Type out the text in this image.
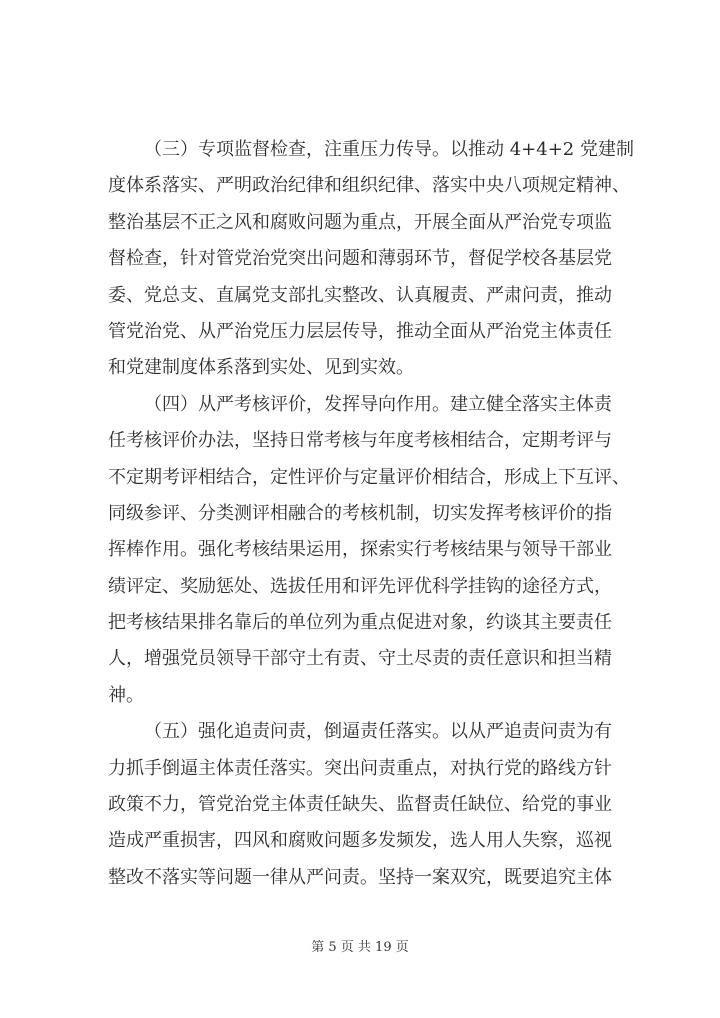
（三）专项监督检查，注重压力传导。以推动 4+4+2 党建制
度体系落实、严明政治纪律和组织纪律、落实中央八项规定精神、
整治基层不正之风和腐败问题为重点，开展全面从严治党专项监
督检查，针对管党治党突出问题和薄弱环节，督促学校各基层党
委、党总支、直属党支部扎实整改、认真履责、严肃问责，推动
管党治党、从严治党压力层层传导，推动全面从严治党主体责任
和党建制度体系落到实处、见到实效。
（四）从严考核评价，发挥导向作用。建立健全落实主体责
任考核评价办法，坚持日常考核与年度考核相结合，定期考评与
不定期考评相结合，定性评价与定量评价相结合，形成上下互评、
同级参评、分类测评相融合的考核机制，切实发挥考核评价的指
挥棒作用。强化考核结果运用，探索实行考核结果与领导干部业
绩评定、奖励惩处、选拔任用和评先评优科学挂钩的途径方式，
把考核结果排名靠后的单位列为重点促进对象，约谈其主要责任
人，增强党员领导干部守土有责、守土尽责的责任意识和担当精
神。
（五）强化追责问责，倒逼责任落实。以从严追责问责为有
力抓手倒逼主体责任落实。突出问责重点，对执行党的路线方针
政策不力，管党治党主体责任缺失、监督责任缺位、给党的事业
造成严重损害，四风和腐败问题多发频发，选人用人失察，巡视
整改不落实等问题一律从严问责。坚持一案双究，既要追究主体
第 5 页 共 19 页
